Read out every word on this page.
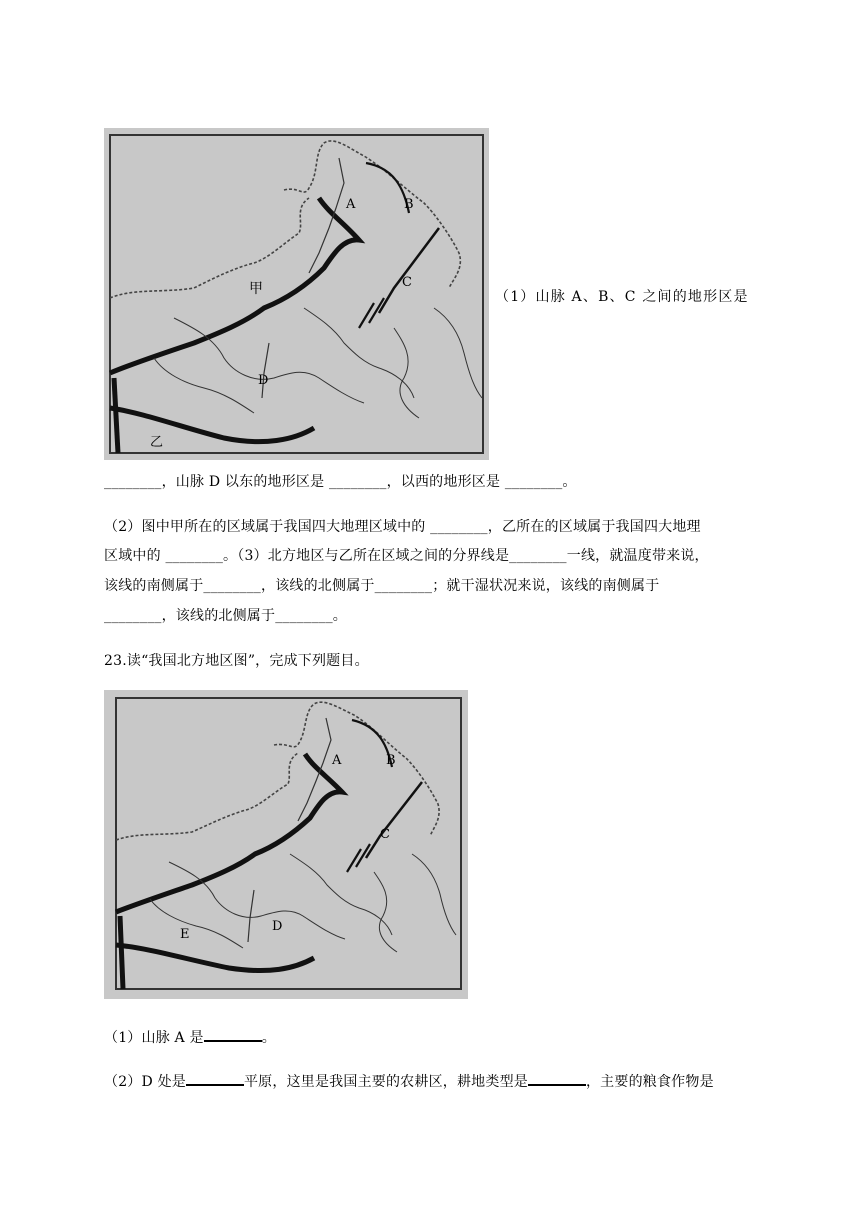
A	B
C
D
甲
乙
（1）山脉 A、B、C 之间的地形区是
________，山脉 D 以东的地形区是 ________，以西的地形区是 ________。
（2）图中甲所在的区域属于我国四大地理区域中的 ________，乙所在的区域属于我国四大地理
区域中的 ________。（3）北方地区与乙所在区域之间的分界线是________一线，就温度带来说，
该线的南侧属于________，该线的北侧属于________；就干湿状况来说，该线的南侧属于
________，该线的北侧属于________。
23.读“我国北方地区图”，完成下列题目。
A	B
C
D
E
（1）山脉 A 是	。
（2）D 处是	平原，这里是我国主要的农耕区，耕地类型是	，主要的粮食作物是
